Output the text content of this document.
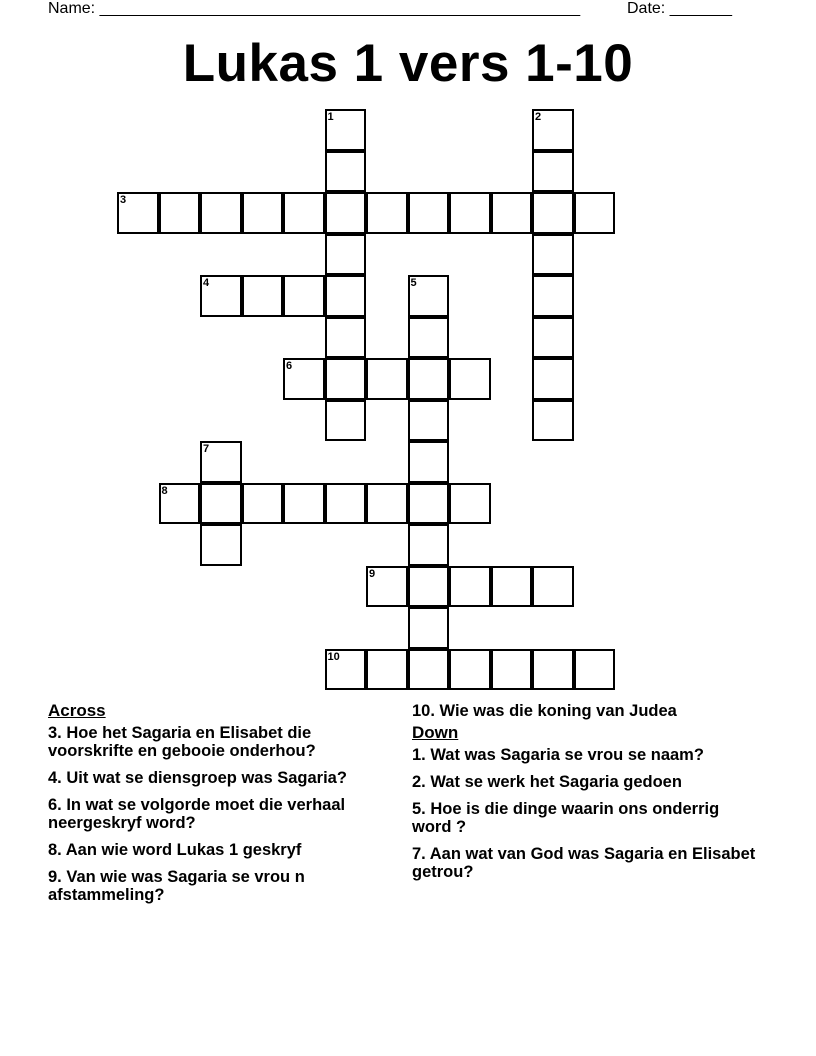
Name: ______________________________________________________	Date: _______
Lukas 1 vers 1-10
1	2
3
4	5
6
7
8
9
10
Across
3. Hoe het Sagaria en Elisabet die voorskrifte en gebooie onderhou?
4. Uit wat se diensgroep was Sagaria?
6. In wat se volgorde moet die verhaal neergeskryf word?
8. Aan wie word Lukas 1 geskryf
9. Van wie was Sagaria se vrou n afstammeling?
10. Wie was die koning van Judea
Down
1. Wat was Sagaria se vrou se naam?
2. Wat se werk het Sagaria gedoen
5. Hoe is die dinge waarin ons onderrig word ?
7. Aan wat van God was Sagaria en Elisabet getrou?
